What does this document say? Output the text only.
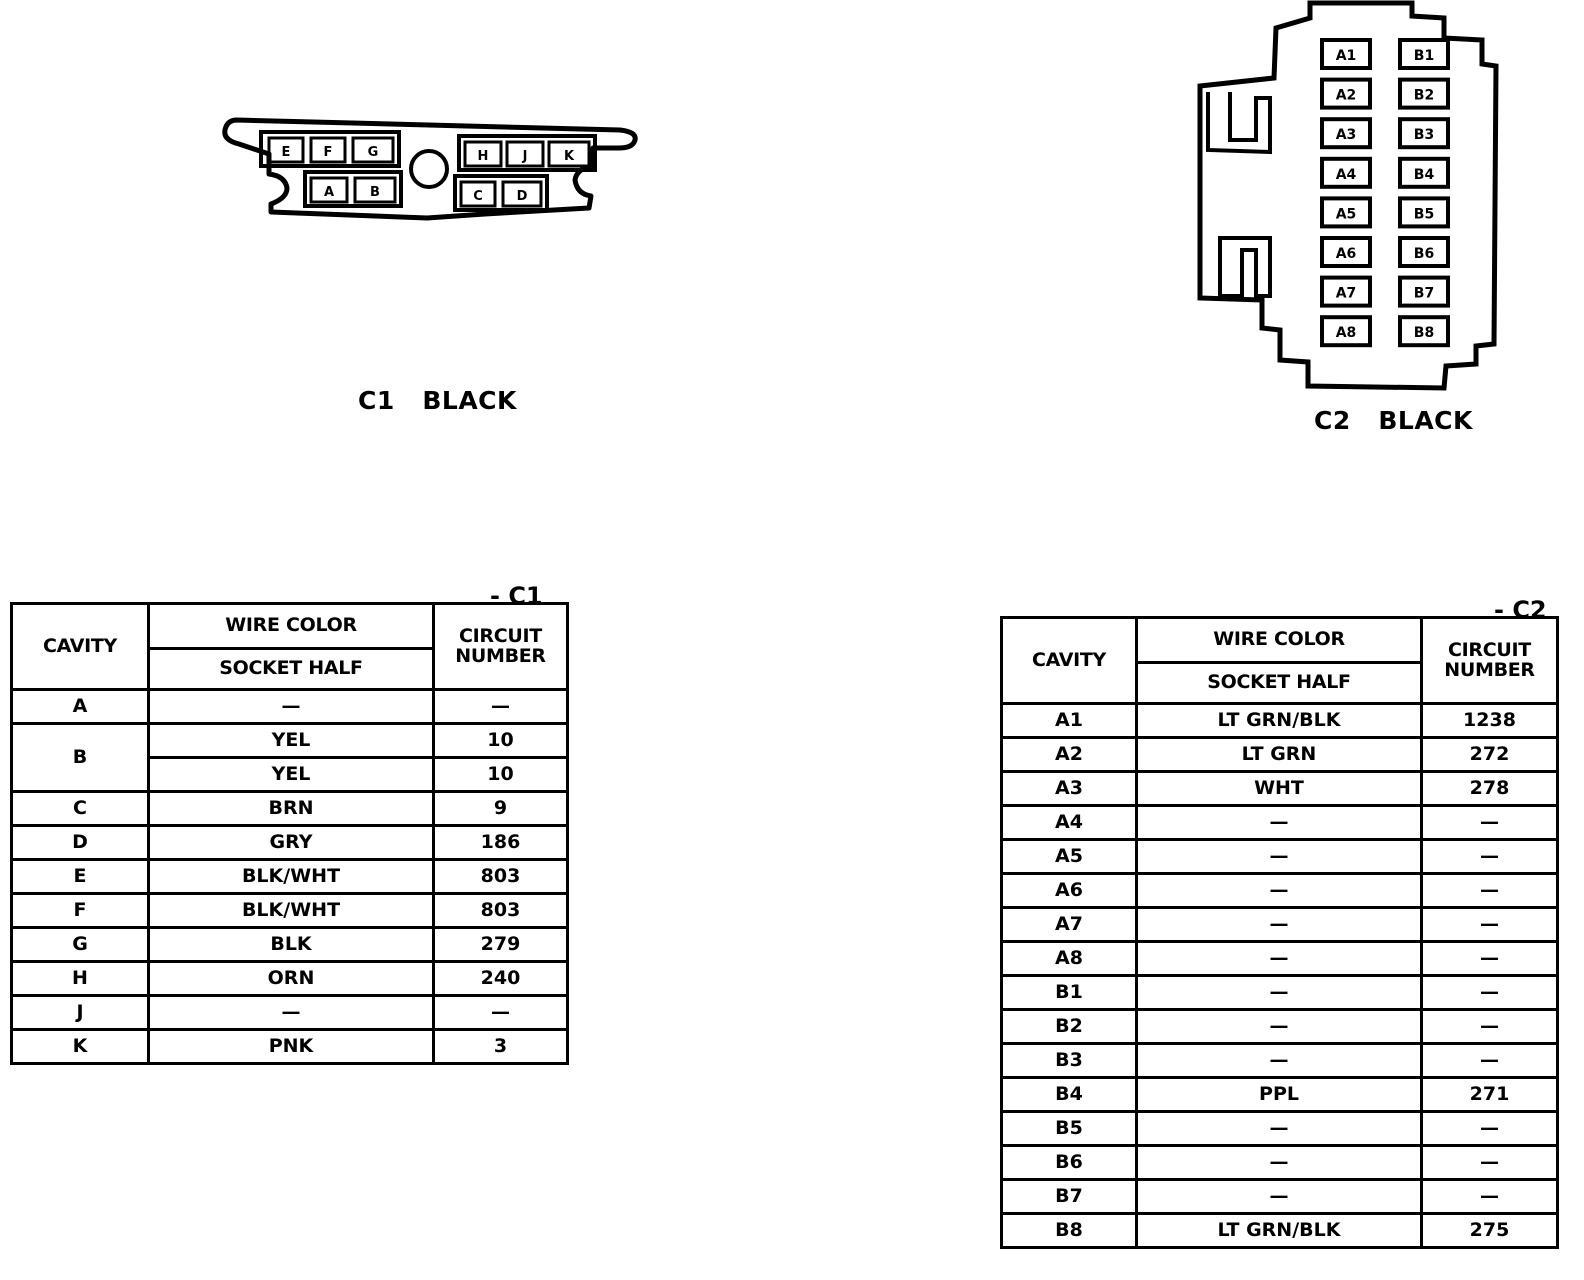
E	F	G	H	J	K
A	B	C	D
C1   BLACK
A1
A2
A3
A4
A5
A6
A7
A8
B1
B2
B3
B4
B5
B6
B7
B8
C2   BLACK
- C1
CAVITY	WIRE COLOR	CIRCUIT
NUMBER
	SOCKET HALF	
A	—	—
B	YEL	10
	YEL	10
C	BRN	9
D	GRY	186
E	BLK/WHT	803
F	BLK/WHT	803
G	BLK	279
H	ORN	240
J	—	—
K	PNK	3
- C2
CAVITY	WIRE COLOR	CIRCUIT
NUMBER
	SOCKET HALF	
A1	LT GRN/BLK	1238
A2	LT GRN	272
A3	WHT	278
A4	—	—
A5	—	—
A6	—	—
A7	—	—
A8	—	—
B1	—	—
B2	—	—
B3	—	—
B4	PPL	271
B5	—	—
B6	—	—
B7	—	—
B8	LT GRN/BLK	275
